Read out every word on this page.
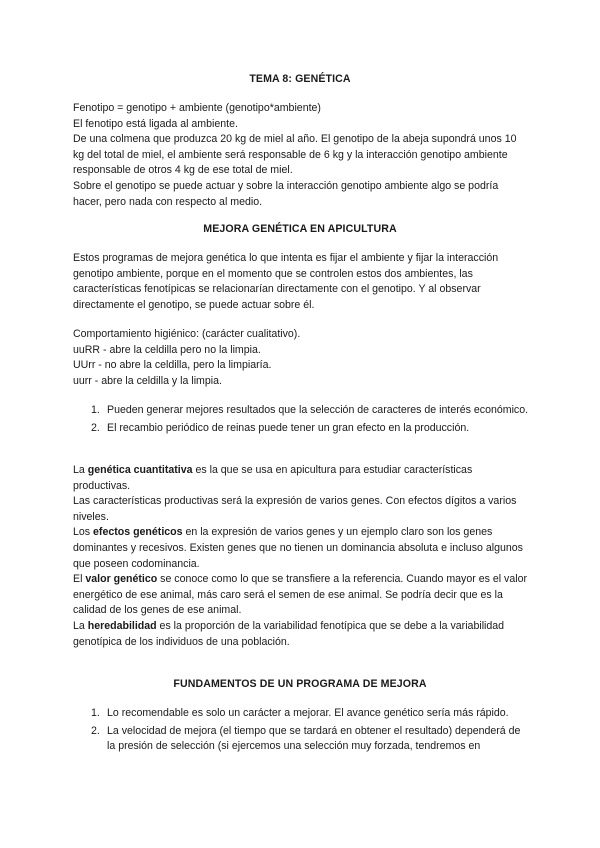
TEMA 8: GENÉTICA

Fenotipo = genotipo + ambiente (genotipo*ambiente)

El fenotipo está ligada al ambiente.

De una colmena que produzca 20 kg de miel al año. El genotipo de la abeja supondrá unos 10 kg del total de miel, el ambiente será responsable de 6 kg y la interacción genotipo ambiente responsable de otros 4 kg de ese total de miel.

Sobre el genotipo se puede actuar y sobre la interacción genotipo ambiente algo se podría hacer, pero nada con respecto al medio.

MEJORA GENÉTICA EN APICULTURA

Estos programas de mejora genética lo que intenta es fijar el ambiente y fijar la interacción genotipo ambiente, porque en el momento que se controlen estos dos ambientes, las características fenotípicas se relacionarían directamente con el genotipo. Y al observar directamente el genotipo, se puede actuar sobre él.

Comportamiento higiénico: (carácter cualitativo).

uuRR - abre la celdilla pero no la limpia.

UUrr - no abre la celdilla, pero la limpiaría.

uurr - abre la celdilla y la limpia.

1. Pueden generar mejores resultados que la selección de caracteres de interés económico.
2. El recambio periódico de reinas puede tener un gran efecto en la producción.

La genética cuantitativa es la que se usa en apicultura para estudiar características productivas.

Las características productivas será la expresión de varios genes. Con efectos dígitos a varios niveles.

Los efectos genéticos en la expresión de varios genes y un ejemplo claro son los genes dominantes y recesivos. Existen genes que no tienen un dominancia absoluta e incluso algunos que poseen codominancia.

El valor genético se conoce como lo que se transfiere a la referencia. Cuando mayor es el valor energético de ese animal, más caro será el semen de ese animal. Se podría decir que es la calidad de los genes de ese animal.

La heredabilidad es la proporción de la variabilidad fenotípica que se debe a la variabilidad genotípica de los individuos de una población.

FUNDAMENTOS DE UN PROGRAMA DE MEJORA
1. Lo recomendable es solo un carácter a mejorar. El avance genético sería más rápido.
2. La velocidad de mejora (el tiempo que se tardará en obtener el resultado) dependerá de la presión de selección (si ejercemos una selección muy forzada, tendremos en
